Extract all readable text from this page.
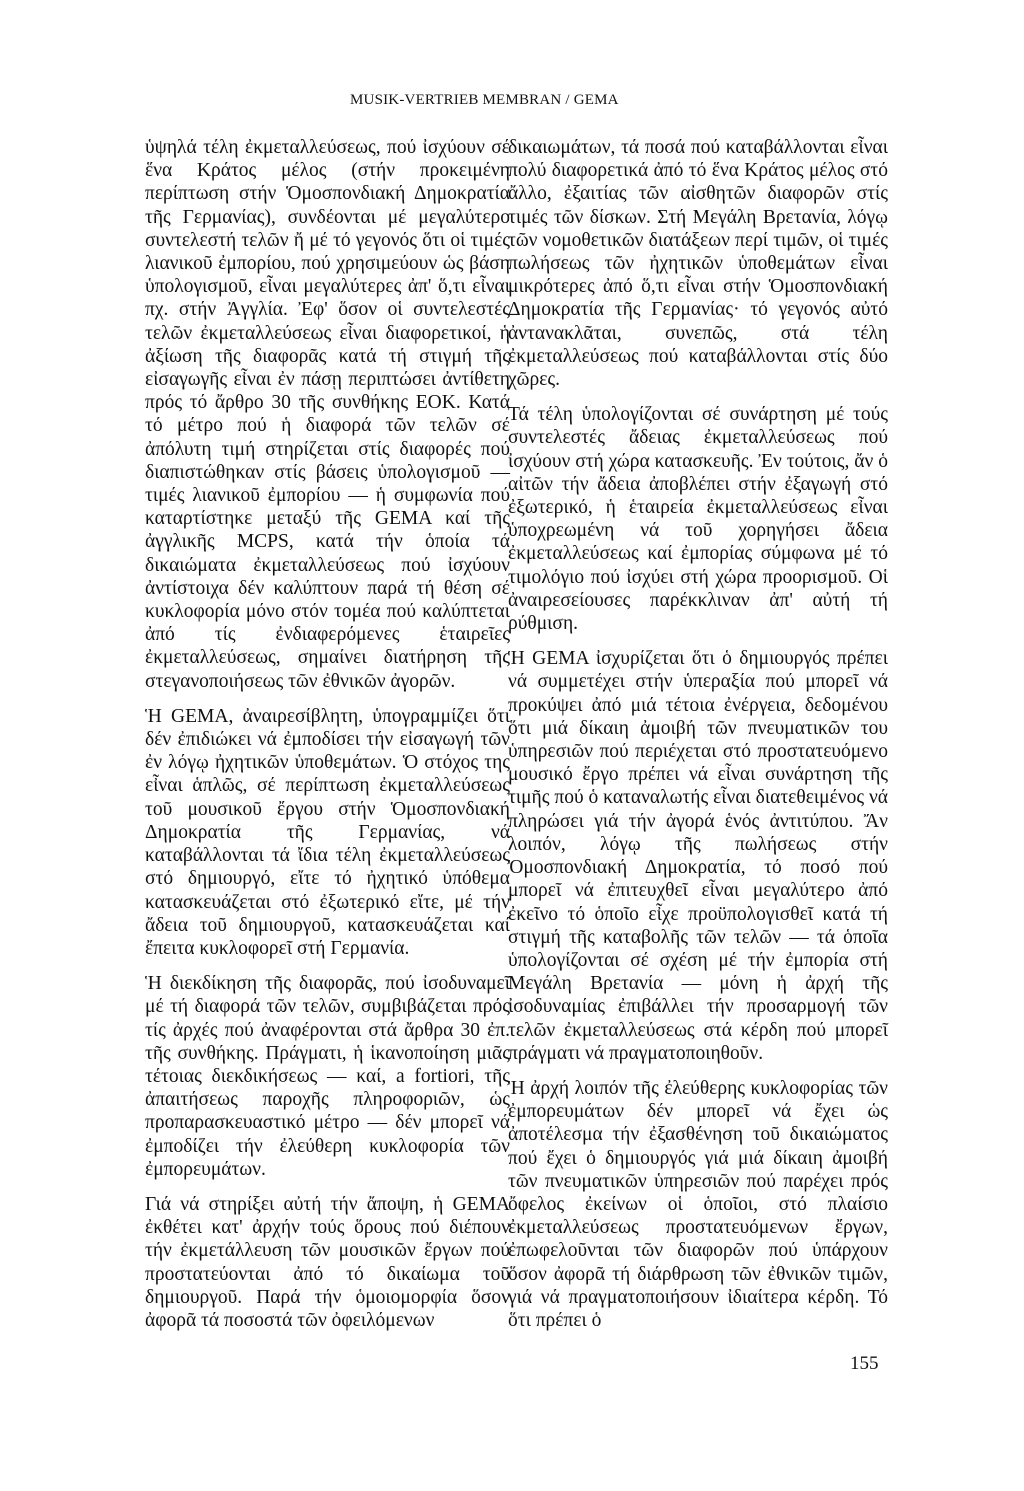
MUSIK-VERTRIEB MEMBRAN / GEMA

ὑψηλά τέλη ἐκμεταλλεύσεως, πού ἰσχύουν σέ ἕνα Κράτος μέλος (στήν προκειμένη περίπτωση στήν Ὁμοσπονδιακή Δημοκρατία τῆς Γερμανίας), συνδέονται μέ μεγαλύτερο συντελεστή τελῶν ἤ μέ τό γεγονός ὅτι οἱ τιμές λιανικοῦ ἐμπορίου, πού χρησιμεύουν ὡς βάση ὑπολογισμοῦ, εἶναι μεγαλύτερες ἀπ' ὅ,τι εἶναι πχ. στήν Ἀγγλία. Ἐφ' ὅσον οἱ συντελεστές τελῶν ἐκμεταλλεύσεως εἶναι διαφορετικοί, ἡ ἀξίωση τῆς διαφορᾶς κατά τή στιγμή τῆς εἰσαγωγῆς εἶναι ἐν πάσῃ περιπτώσει ἀντίθετη πρός τό ἄρθρο 30 τῆς συνθήκης ΕΟΚ. Κατά τό μέτρο πού ἡ διαφορά τῶν τελῶν σέ ἀπόλυτη τιμή στηρίζεται στίς διαφορές πού διαπιστώθηκαν στίς βάσεις ὑπολογισμοῦ — τιμές λιανικοῦ ἐμπορίου — ἡ συμφωνία πού καταρτίστηκε μεταξύ τῆς GEMA καί τῆς ἀγγλικῆς MCPS, κατά τήν ὁποία τά δικαιώματα ἐκμεταλλεύσεως πού ἰσχύουν ἀντίστοιχα δέν καλύπτουν παρά τή θέση σέ κυκλοφορία μόνο στόν τομέα πού καλύπτεται ἀπό τίς ἐνδιαφερόμενες ἑταιρεῖες ἐκμεταλλεύσεως, σημαίνει διατήρηση τῆς στεγανοποιήσεως τῶν ἐθνικῶν ἀγορῶν.

Ἡ GEMA, ἀναιρεσίβλητη, ὑπογραμμίζει ὅτι δέν ἐπιδιώκει νά ἐμποδίσει τήν εἰσαγωγή τῶν ἐν λόγῳ ἠχητικῶν ὑποθεμάτων. Ὁ στόχος της εἶναι ἁπλῶς, σέ περίπτωση ἐκμεταλλεύσεως τοῦ μουσικοῦ ἔργου στήν Ὁμοσπονδιακή Δημοκρατία τῆς Γερμανίας, νά καταβάλλονται τά ἴδια τέλη ἐκμεταλλεύσεως στό δημιουργό, εἴτε τό ἠχητικό ὑπόθεμα κατασκευάζεται στό ἐξωτερικό εἴτε, μέ τήν ἄδεια τοῦ δημιουργοῦ, κατασκευάζεται καί ἔπειτα κυκλοφορεῖ στή Γερμανία.

Ἡ διεκδίκηση τῆς διαφορᾶς, πού ἰσοδυναμεῖ μέ τή διαφορά τῶν τελῶν, συμβιβάζεται πρός τίς ἀρχές πού ἀναφέρονται στά ἄρθρα 30 ἐπ. τῆς συνθήκης. Πράγματι, ἡ ἱκανοποίηση μιᾶς τέτοιας διεκδικήσεως — καί, a fortiori, τῆς ἀπαιτήσεως παροχῆς πληροφοριῶν, ὡς προπαρασκευαστικό μέτρο — δέν μπορεῖ νά ἐμποδίζει τήν ἐλεύθερη κυκλοφορία τῶν ἐμπορευμάτων.

Γιά νά στηρίξει αὐτή τήν ἄποψη, ἡ GEMA ἐκθέτει κατ' ἀρχήν τούς ὅρους πού διέπουν τήν ἐκμετάλλευση τῶν μουσικῶν ἔργων πού προστατεύονται ἀπό τό δικαίωμα τοῦ δημιουργοῦ. Παρά τήν ὁμοιομορφία ὅσον ἀφορᾶ τά ποσοστά τῶν ὀφειλόμενων

δικαιωμάτων, τά ποσά πού καταβάλλονται εἶναι πολύ διαφορετικά ἀπό τό ἕνα Κράτος μέλος στό ἄλλο, ἐξαιτίας τῶν αἰσθητῶν διαφορῶν στίς τιμές τῶν δίσκων. Στή Μεγάλη Βρετανία, λόγῳ τῶν νομοθετικῶν διατάξεων περί τιμῶν, οἱ τιμές πωλήσεως τῶν ἠχητικῶν ὑποθεμάτων εἶναι μικρότερες ἀπό ὅ,τι εἶναι στήν Ὁμοσπονδιακή Δημοκρατία τῆς Γερμανίας· τό γεγονός αὐτό ἀντανακλᾶται, συνεπῶς, στά τέλη ἐκμεταλλεύσεως πού καταβάλλονται στίς δύο χῶρες.

Τά τέλη ὑπολογίζονται σέ συνάρτηση μέ τούς συντελεστές ἄδειας ἐκμεταλλεύσεως πού ἰσχύουν στή χώρα κατασκευῆς. Ἐν τούτοις, ἄν ὁ αἰτῶν τήν ἄδεια ἀποβλέπει στήν ἐξαγωγή στό ἐξωτερικό, ἡ ἑταιρεία ἐκμεταλλεύσεως εἶναι ὑποχρεωμένη νά τοῦ χορηγήσει ἄδεια ἐκμεταλλεύσεως καί ἐμπορίας σύμφωνα μέ τό τιμολόγιο πού ἰσχύει στή χώρα προορισμοῦ. Οἱ ἀναιρεσείουσες παρέκκλιναν ἀπ' αὐτή τή ρύθμιση.

Ἡ GEMA ἰσχυρίζεται ὅτι ὁ δημιουργός πρέπει νά συμμετέχει στήν ὑπεραξία πού μπορεῖ νά προκύψει ἀπό μιά τέτοια ἐνέργεια, δεδομένου ὅτι μιά δίκαιη ἀμοιβή τῶν πνευματικῶν του ὑπηρεσιῶν πού περιέχεται στό προστατευόμενο μουσικό ἔργο πρέπει νά εἶναι συνάρτηση τῆς τιμῆς πού ὁ καταναλωτής εἶναι διατεθειμένος νά πληρώσει γιά τήν ἀγορά ἑνός ἀντιτύπου. Ἄν λοιπόν, λόγῳ τῆς πωλήσεως στήν Ὁμοσπονδιακή Δημοκρατία, τό ποσό πού μπορεῖ νά ἐπιτευχθεῖ εἶναι μεγαλύτερο ἀπό ἐκεῖνο τό ὁποῖο εἶχε προϋπολογισθεῖ κατά τή στιγμή τῆς καταβολῆς τῶν τελῶν — τά ὁποῖα ὑπολογίζονται σέ σχέση μέ τήν ἐμπορία στή Μεγάλη Βρετανία — μόνη ἡ ἀρχή τῆς ἰσοδυναμίας ἐπιβάλλει τήν προσαρμογή τῶν τελῶν ἐκμεταλλεύσεως στά κέρδη πού μπορεῖ πράγματι νά πραγματοποιηθοῦν.

Ἡ ἀρχή λοιπόν τῆς ἐλεύθερης κυκλοφορίας τῶν ἐμπορευμάτων δέν μπορεῖ νά ἔχει ὡς ἀποτέλεσμα τήν ἐξασθένηση τοῦ δικαιώματος πού ἔχει ὁ δημιουργός γιά μιά δίκαιη ἀμοιβή τῶν πνευματικῶν ὑπηρεσιῶν πού παρέχει πρός ὄφελος ἐκείνων οἱ ὁποῖοι, στό πλαίσιο ἐκμεταλλεύσεως προστατευόμενων ἔργων, ἐπωφελοῦνται τῶν διαφορῶν πού ὑπάρχουν ὅσον ἀφορᾶ τή διάρθρωση τῶν ἐθνικῶν τιμῶν, γιά νά πραγματοποιήσουν ἰδιαίτερα κέρδη. Τό ὅτι πρέπει ὁ

155
